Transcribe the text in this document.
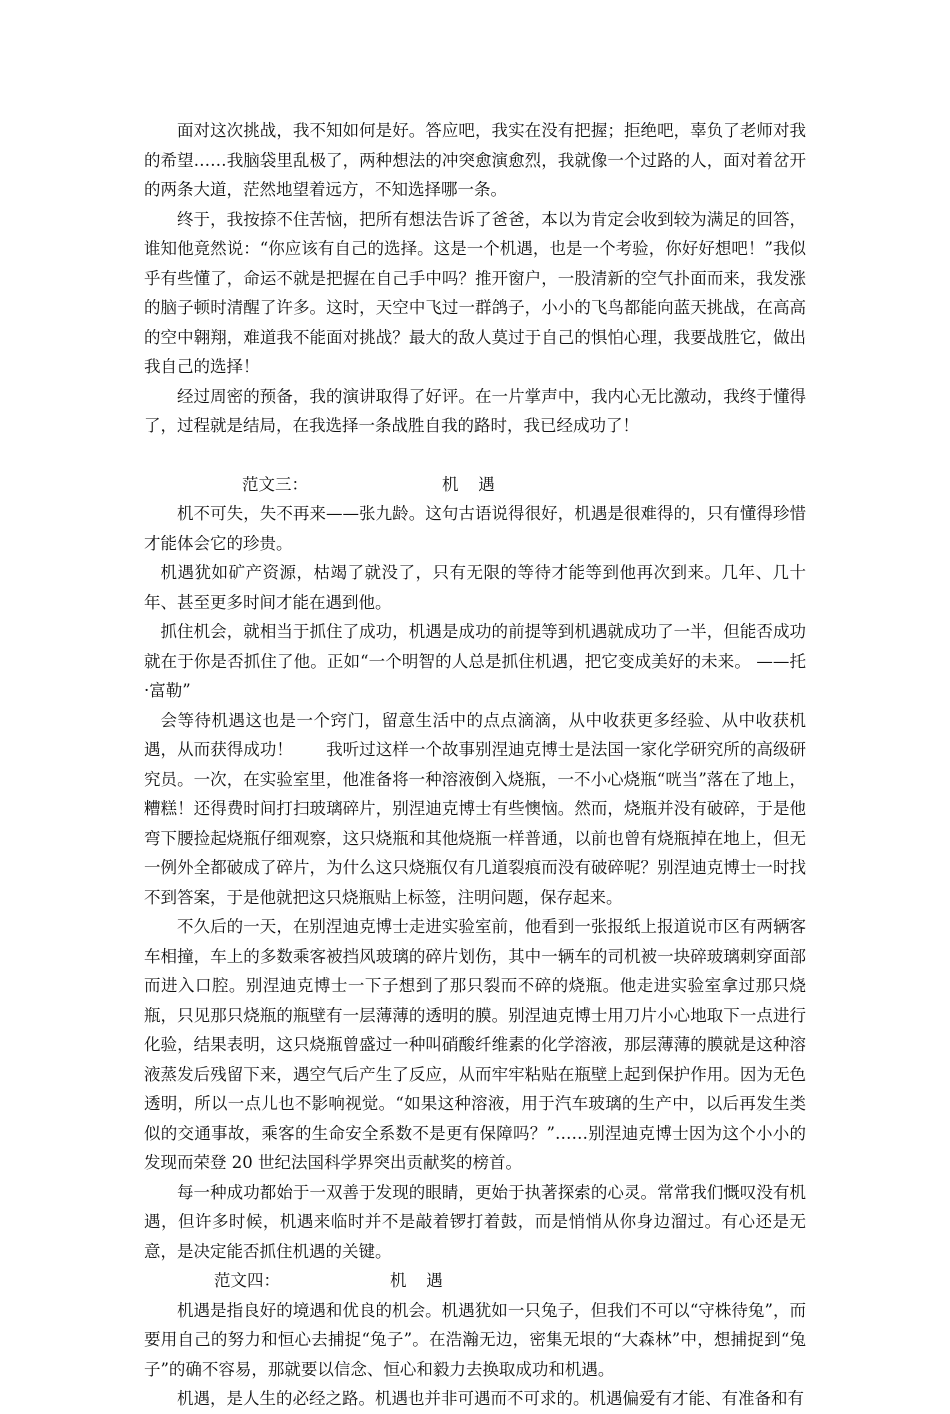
面对这次挑战，我不知如何是好。答应吧，我实在没有把握；拒绝吧，辜负了老师对我的希望……我脑袋里乱极了，两种想法的冲突愈演愈烈，我就像一个过路的人，面对着岔开的两条大道，茫然地望着远方，不知选择哪一条。

终于，我按捺不住苦恼，把所有想法告诉了爸爸，本以为肯定会收到较为满足的回答，谁知他竟然说：“你应该有自己的选择。这是一个机遇，也是一个考验，你好好想吧！”我似乎有些懂了，命运不就是把握在自己手中吗？推开窗户，一股清新的空气扑面而来，我发涨的脑子顿时清醒了许多。这时，天空中飞过一群鸽子，小小的飞鸟都能向蓝天挑战，在高高的空中翱翔，难道我不能面对挑战？最大的敌人莫过于自己的惧怕心理，我要战胜它，做出我自己的选择！

经过周密的预备，我的演讲取得了好评。在一片掌声中，我内心无比激动，我终于懂得了，过程就是结局，在我选择一条战胜自我的路时，我已经成功了！

范文三：	机遇

机不可失，失不再来——张九龄。这句古语说得很好，机遇是很难得的，只有懂得珍惜才能体会它的珍贵。

机遇犹如矿产资源，枯竭了就没了，只有无限的等待才能等到他再次到来。几年、几十年、甚至更多时间才能在遇到他。

抓住机会，就相当于抓住了成功，机遇是成功的前提等到机遇就成功了一半，但能否成功就在于你是否抓住了他。正如“一个明智的人总是抓住机遇，把它变成美好的未来。 ——托·富勒”

会等待机遇这也是一个窍门，留意生活中的点点滴滴，从中收获更多经验、从中收获机遇，从而获得成功！　　我听过这样一个故事别涅迪克博士是法国一家化学研究所的高级研究员。一次，在实验室里，他准备将一种溶液倒入烧瓶，一不小心烧瓶“咣当”落在了地上，糟糕！还得费时间打扫玻璃碎片，别涅迪克博士有些懊恼。然而，烧瓶并没有破碎，于是他弯下腰捡起烧瓶仔细观察，这只烧瓶和其他烧瓶一样普通，以前也曾有烧瓶掉在地上，但无一例外全都破成了碎片，为什么这只烧瓶仅有几道裂痕而没有破碎呢？别涅迪克博士一时找不到答案，于是他就把这只烧瓶贴上标签，注明问题，保存起来。

不久后的一天，在别涅迪克博士走进实验室前，他看到一张报纸上报道说市区有两辆客车相撞，车上的多数乘客被挡风玻璃的碎片划伤，其中一辆车的司机被一块碎玻璃刺穿面部而进入口腔。别涅迪克博士一下子想到了那只裂而不碎的烧瓶。他走进实验室拿过那只烧瓶，只见那只烧瓶的瓶壁有一层薄薄的透明的膜。别涅迪克博士用刀片小心地取下一点进行化验，结果表明，这只烧瓶曾盛过一种叫硝酸纤维素的化学溶液，那层薄薄的膜就是这种溶液蒸发后残留下来，遇空气后产生了反应，从而牢牢粘贴在瓶壁上起到保护作用。因为无色透明，所以一点儿也不影响视觉。“如果这种溶液，用于汽车玻璃的生产中，以后再发生类似的交通事故，乘客的生命安全系数不是更有保障吗？”……别涅迪克博士因为这个小小的发现而荣登 20 世纪法国科学界突出贡献奖的榜首。

每一种成功都始于一双善于发现的眼睛，更始于执著探索的心灵。常常我们慨叹没有机遇，但许多时候，机遇来临时并不是敲着锣打着鼓，而是悄悄从你身边溜过。有心还是无意，是决定能否抓住机遇的关键。

范文四：	机遇

机遇是指良好的境遇和优良的机会。机遇犹如一只兔子，但我们不可以“守株待兔”，而要用自己的努力和恒心去捕捉“兔子”。在浩瀚无边，密集无垠的“大森林”中，想捕捉到“兔子”的确不容易，那就要以信念、恒心和毅力去换取成功和机遇。

机遇，是人生的必经之路。机遇也并非可遇而不可求的。机遇偏爱有才能、有准备和有
